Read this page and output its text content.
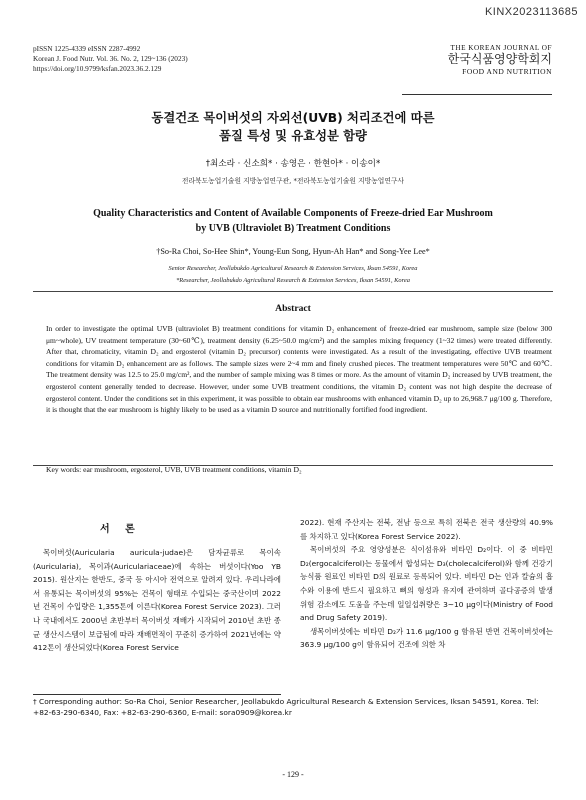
KINX2023113685
pISSN 1225-4339 eISSN 2287-4992
Korean J. Food Nutr. Vol. 36. No. 2, 129~136 (2023)
https://doi.org/10.9799/ksfan.2023.36.2.129
THE KOREAN JOURNAL OF
한국식품영양학회지
FOOD AND NUTRITION
동결건조 목이버섯의 자외선(UVB) 처리조건에 따른
품질 특성 및 유효성분 함량
†최소라 · 신소희* · 송영은 · 한현아* · 이송이*
전라북도농업기술원 지방농업연구관, *전라북도농업기술원 지방농업연구사
Quality Characteristics and Content of Available Components of Freeze-dried Ear Mushroom
by UVB (Ultraviolet B) Treatment Conditions
†So-Ra Choi, So-Hee Shin*, Young-Eun Song, Hyun-Ah Han* and Song-Yee Lee*
Senior Researcher, Jeollabukdo Agricultural Research & Extension Services, Iksan 54591, Korea
*Researcher, Jeollabukdo Agricultural Research & Extension Services, Iksan 54591, Korea
Abstract
In order to investigate the optimal UVB (ultraviolet B) treatment conditions for vitamin D₂ enhancement of freeze-dried ear mushroom, sample size (below 300 μm~whole), UV treatment temperature (30~60℃), treatment density (6.25~50.0 mg/cm²) and the samples mixing frequency (1~32 times) were treated differently. After that, chromaticity, vitamin D₂ and ergosterol (vitamin D₂ precursor) contents were investigated. As a result of the investigating, effective UVB treatment conditions for vitamin D₂ enhancement are as follows. The sample sizes were 2~4 mm and finely crushed pieces. The treatment temperatures were 50℃ and 60℃. The treatment density was 12.5 to 25.0 mg/cm², and the number of sample mixing was 8 times or more. As the amount of vitamin D₂ increased by UVB treatment, the ergosterol content generally tended to decrease. However, under some UVB treatment conditions, the vitamin D₂ content was not high despite the decrease of ergosterol content. Under the conditions set in this experiment, it was possible to obtain ear mushrooms with enhanced vitamin D₂ up to 26,968.7 μg/100 g. Therefore, it is thought that the ear mushroom is highly likely to be used as a vitamin D source and nutritionally fortified food ingredient.
Key words: ear mushroom, ergosterol, UVB, UVB treatment conditions, vitamin D₂
서 론
목이버섯(Auricularia auricula-judae)은 담자균류로 목이속(Auricularia), 목이과(Auriculariaceae)에 속하는 버섯이다(Yoo YB 2015). 원산지는 한반도, 중국 등 아시아 전역으로 알려져 있다. 우리나라에서 유통되는 목이버섯의 95%는 건목이 형태로 수입되는 중국산이며 2022년 건목이 수입량은 1,355톤에 이른다(Korea Forest Service 2023). 그러나 국내에서도 2000년 초반부터 목이버섯 재배가 시작되어 2010년 초반 종균 생산시스템이 보급됨에 따라 재배면적이 꾸준히 증가하여 2021년에는 약 412톤이 생산되었다(Korea Forest Service
2022). 현재 주산지는 전북, 전남 등으로 특히 전북은 전국 생산량의 40.9%를 차지하고 있다(Korea Forest Service 2022).
목이버섯의 주요 영양성분은 식이섬유와 비타민 D₂이다. 이 중 비타민 D₂(ergocalciferol)는 동물에서 합성되는 D₃(cholecalciferol)와 함께 건강기능식품 원료인 비타민 D의 원료로 등록되어 있다. 비타민 D는 인과 칼슘의 흡수와 이용에 반드시 필요하고 뼈의 형성과 유지에 관여하며 골다공증의 발생 위험 감소에도 도움을 주는데 일일섭취량은 3~10 μg이다(Ministry of Food and Drug Safety 2019).
생목이버섯에는 비타민 D₂가 11.6 μg/100 g 함유된 반면 건목이버섯에는 363.9 μg/100 g이 함유되어 건조에 의한 차
† Corresponding author: So-Ra Choi, Senior Researcher, Jeollabukdo Agricultural Research & Extension Services, Iksan 54591, Korea. Tel: +82-63-290-6340, Fax: +82-63-290-6360, E-mail: sora0909@korea.kr
- 129 -
